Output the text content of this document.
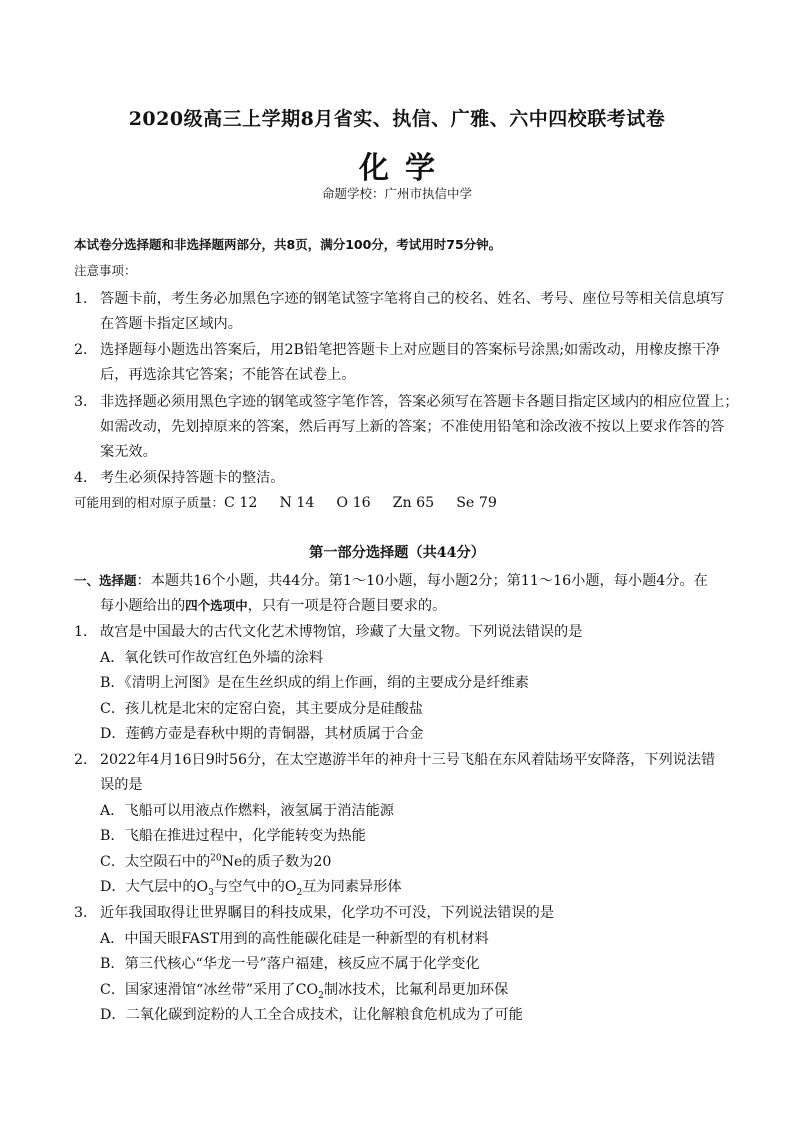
2020级高三上学期8月省实、执信、广雅、六中四校联考试卷
化学
命题学校：广州市执信中学
本试卷分选择题和非选择题两部分，共8页，满分100分，考试用时75分钟。
注意事项：
1． 答题卡前，考生务必加黑色字迹的钢笔试签字笔将自己的校名、姓名、考号、座位号等相关信息填写
在答题卡指定区域内。
2． 选择题每小题选出答案后，用2B铅笔把答题卡上对应题目的答案标号涂黑;如需改动，用橡皮擦干净
后，再选涂其它答案；不能答在试卷上。
3． 非选择题必须用黑色字迹的钢笔或签字笔作答，答案必须写在答题卡各题目指定区域内的相应位置上；
如需改动，先划掉原来的答案，然后再写上新的答案；不准使用铅笔和涂改液不按以上要求作答的答
案无效。
4． 考生必须保持答题卡的整洁。
可能用到的相对原子质量：C 12 N 14 O 16 Zn 65 Se 79
第一部分选择题（共44分）
一、选择题：本题共16个小题，共44分。第1～10小题，每小题2分；第11～16小题，每小题4分。在
每小题给出的四个选项中，只有一项是符合题目要求的。
1． 故宫是中国最大的古代文化艺术博物馆，珍藏了大量文物。下列说法错误的是
A．氧化铁可作故宫红色外墙的涂料
B．《清明上河图》是在生丝织成的绢上作画，绢的主要成分是纤维素
C．孩儿枕是北宋的定窑白瓷，其主要成分是硅酸盐
D．莲鹤方壶是春秋中期的青铜器，其材质属于合金
2． 2022年4月16日9时56分，在太空遨游半年的神舟十三号飞船在东风着陆场平安降落，下列说法错
误的是
A．飞船可以用液点作燃料，液氢属于消洁能源
B．飞船在推进过程中，化学能转变为热能
C．太空陨石中的$^{20}$Ne的质子数为20
D．大气层中的$O_3$与空气中的$O_2$互为同素异形体
3． 近年我国取得让世界瞩目的科技成果，化学功不可没，下列说法错误的是
A．中国天眼FAST用到的高性能碳化硅是一种新型的有机材料
B．第三代核心“华龙一号”落户福建，核反应不属于化学变化
C．国家速滑馆“冰丝带”采用了$CO_2$制冰技术，比氟利昂更加环保
D．二氧化碳到淀粉的人工全合成技术，让化解粮食危机成为了可能
